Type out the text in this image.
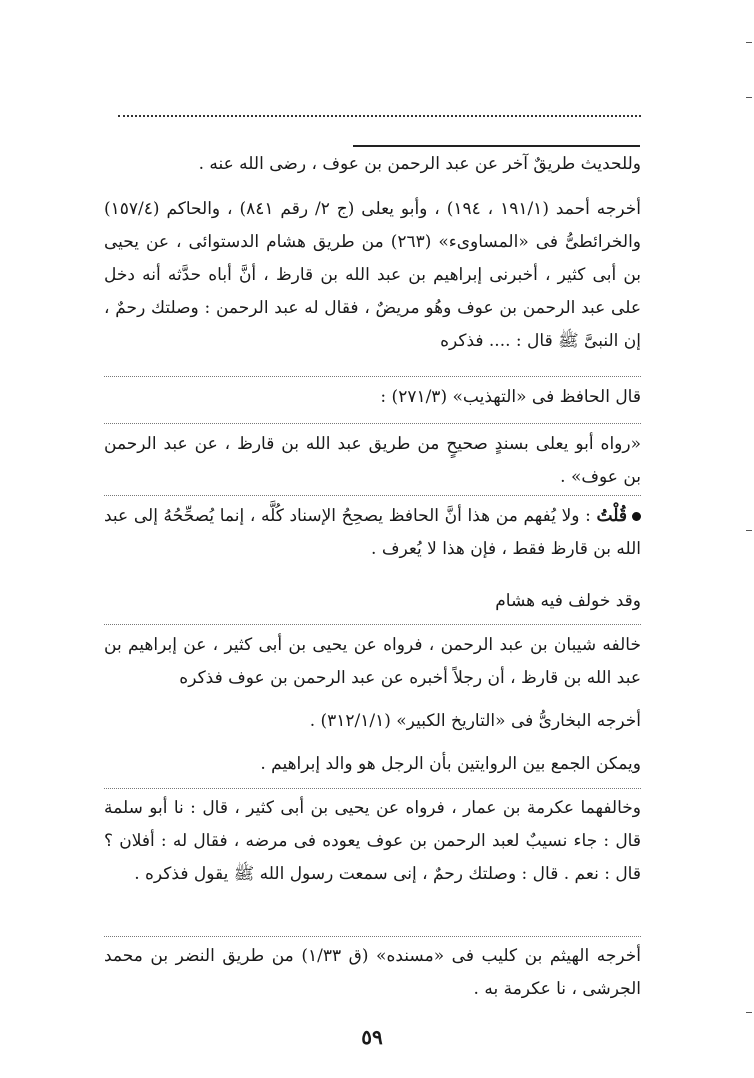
وللحديث طريقٌ آخر عن عبد الرحمن بن عوف ، رضى الله عنه .

أخرجه أحمد (١٩١/١ ، ١٩٤) ، وأبو يعلى (ج ٢/ رقم ٨٤١) ، والحاكم (١٥٧/٤) والخرائطىُّ فى «المساوىء» (٢٦٣) من طريق هشام الدستوائى ، عن يحيى بن أبى كثير ، أخبرنى إبراهيم بن عبد الله بن قارظ ، أنَّ أباه حدَّثه أنه دخل على عبد الرحمن بن عوف وهُو مريضٌ ، فقال له عبد الرحمن : وصلتك رحمٌ ، إن النبىَّ ﷺ قال : .... فذكره

قال الحافظ فى «التهذيب» (٢٧١/٣) :

«رواه أبو يعلى بسندٍ صحيحٍ من طريق عبد الله بن قارظ ، عن عبد الرحمن بن عوف» .

قُلْتُ : ولا يُفهم من هذا أنَّ الحافظ يصحِحُ الإسناد كُلَّه ، إنما يُصحِّحُهُ إلى عبد الله بن قارظ فقط ، فإن هذا لا يُعرف .

وقد خولف فيه هشام

خالفه شيبان بن عبد الرحمن ، فرواه عن يحيى بن أبى كثير ، عن إبراهيم بن عبد الله بن قارظ ، أن رجلاً أخبره عن عبد الرحمن بن عوف فذكره

أخرجه البخارىُّ فى «التاريخ الكبير» (٣١٢/١/١) .

ويمكن الجمع بين الروايتين بأن الرجل هو والد إبراهيم .

وخالفهما عكرمة بن عمار ، فرواه عن يحيى بن أبى كثير ، قال : نا أبو سلمة قال : جاء نسيبٌ لعبد الرحمن بن عوف يعوده فى مرضه ، فقال له : أفلان ؟ قال : نعم . قال : وصلتك رحمٌ ، إنى سمعت رسول الله ﷺ يقول فذكره .

أخرجه الهيثم بن كليب فى «مسنده» (ق ١/٣٣) من طريق النضر بن محمد الجرشى ، نا عكرمة به .

٥٩
